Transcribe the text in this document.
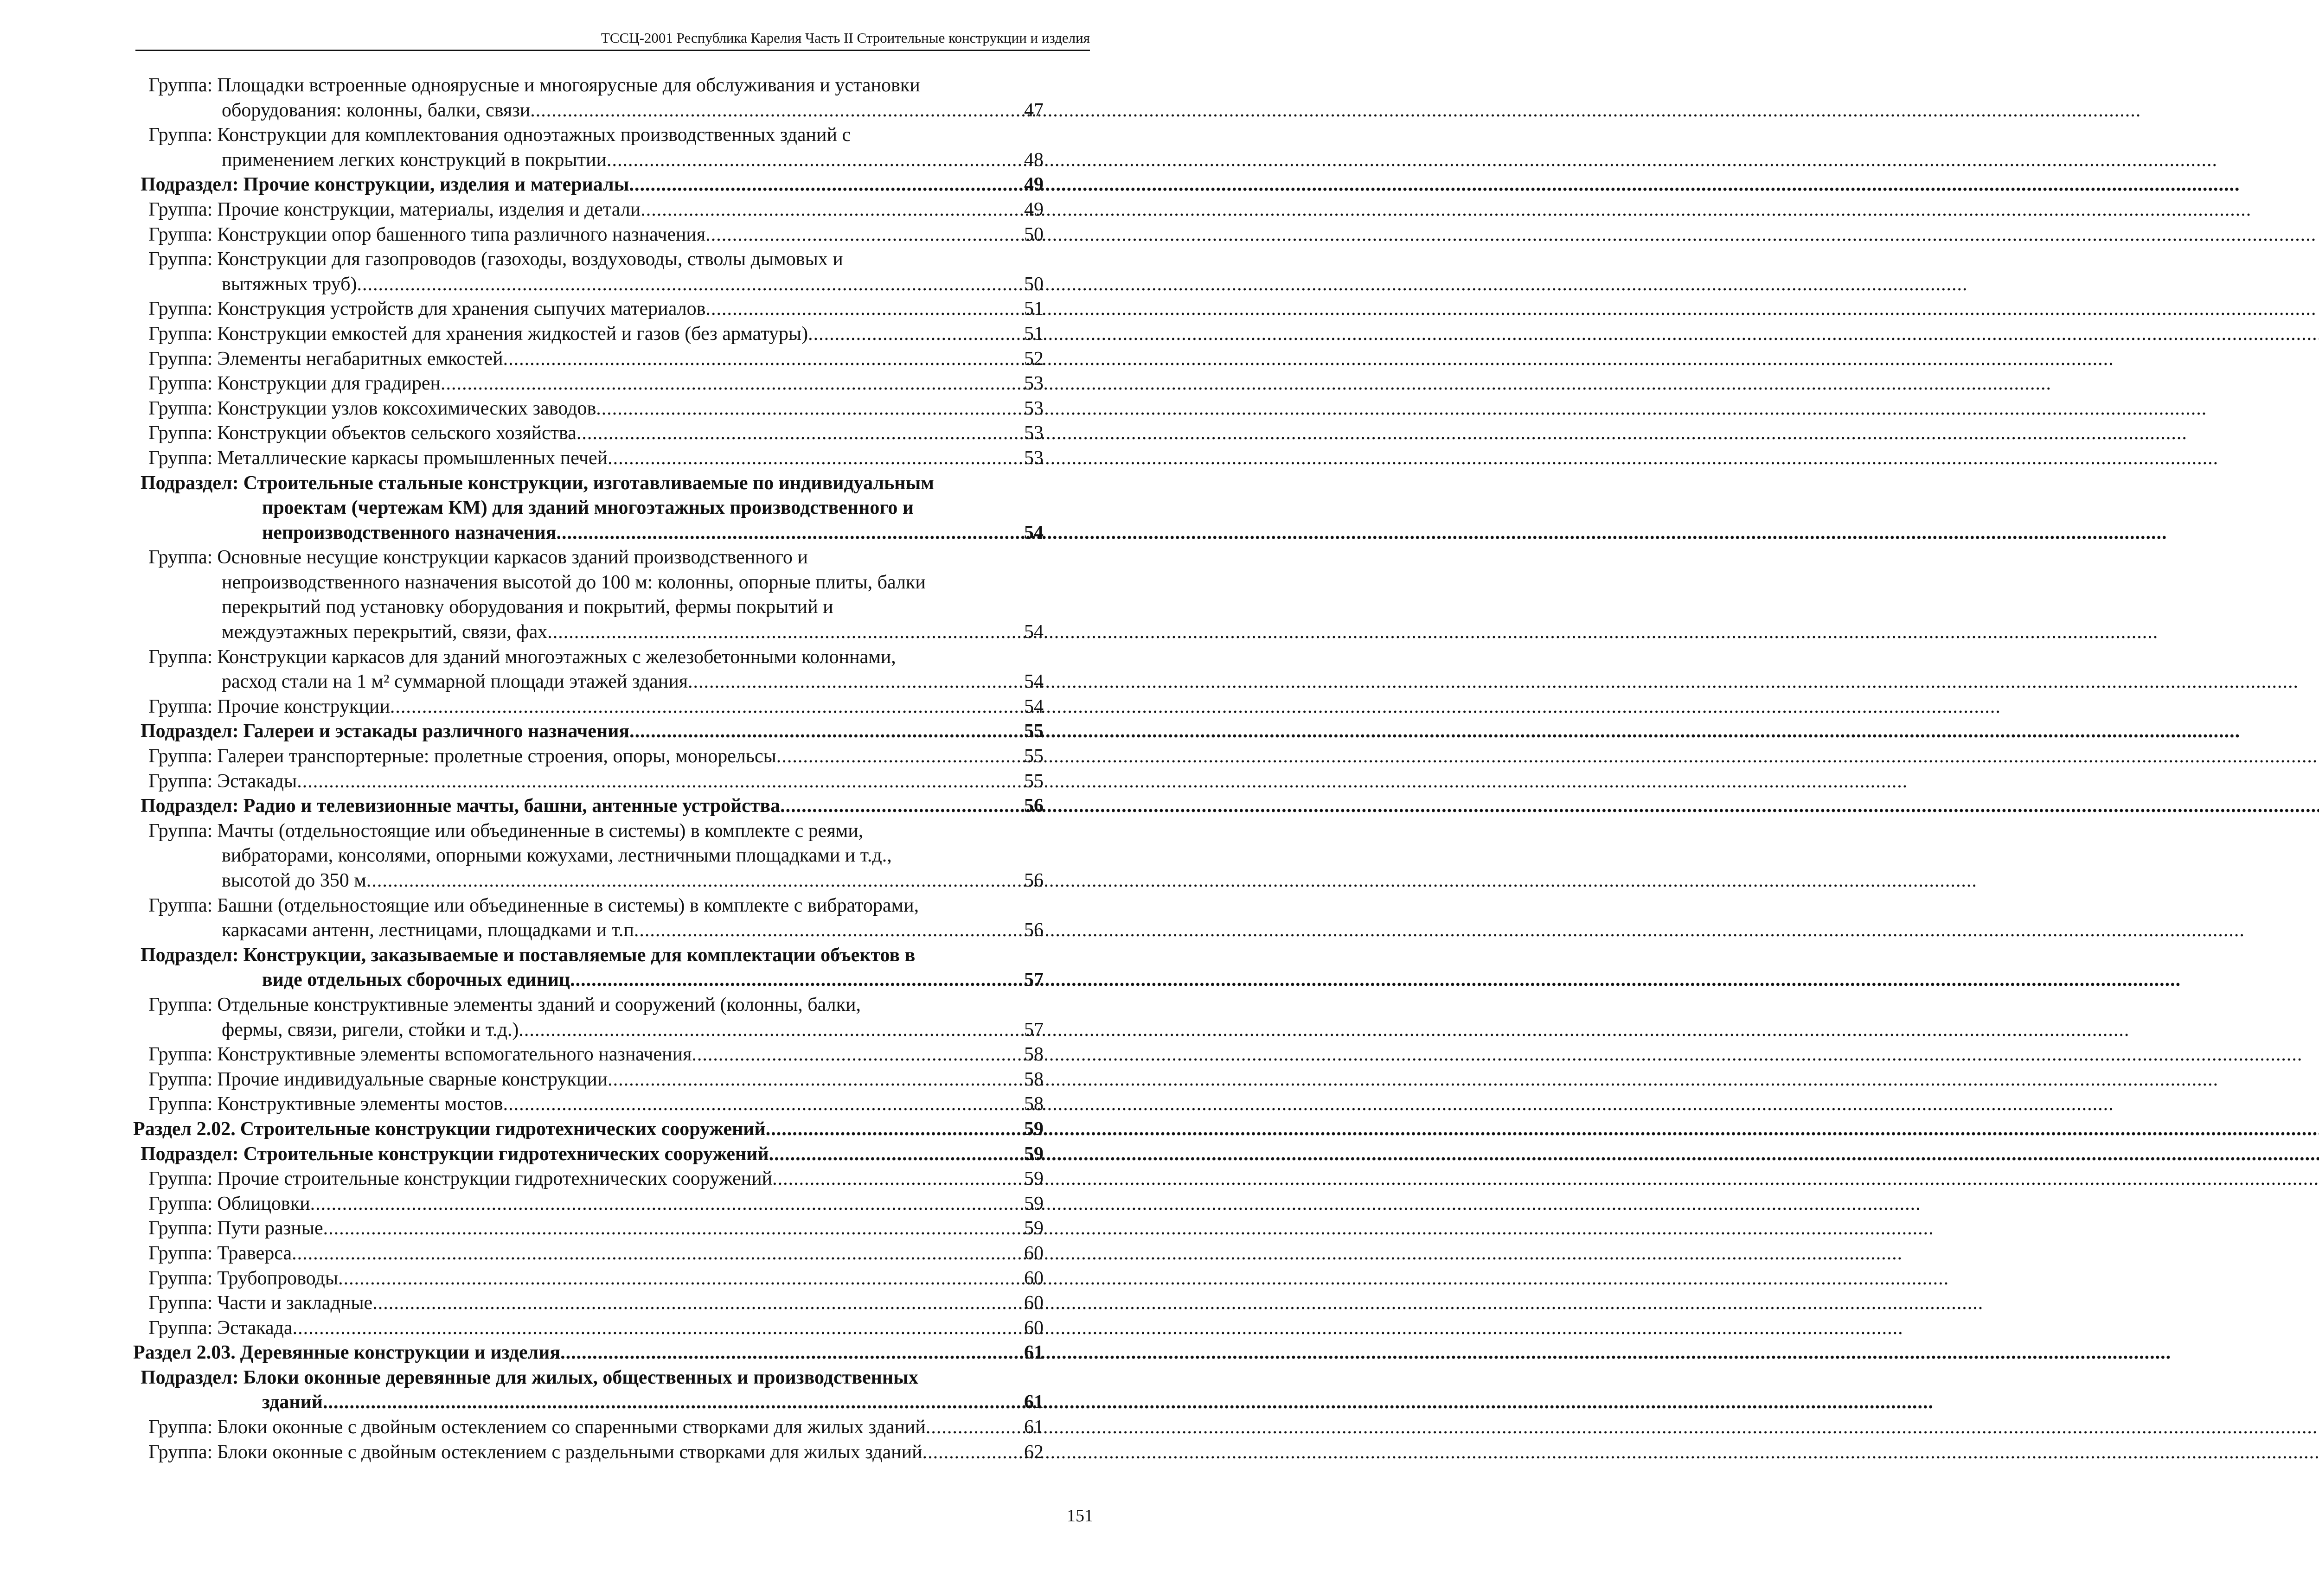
ТССЦ-2001 Республика Карелия Часть II Строительные конструкции и изделия
Группа: Площадки встроенные одноярусные и многоярусные для обслуживания и установки
оборудования: колонны, балки, связи .....	47
Группа: Конструкции для комплектования одноэтажных производственных зданий с
применением легких конструкций в покрытии .....	48
Подраздел: Прочие конструкции, изделия и материалы .....	49
Группа: Прочие конструкции, материалы, изделия и детали .....	49
Группа: Конструкции опор башенного типа различного назначения .....	50
Группа: Конструкции для газопроводов (газоходы, воздуховоды, стволы дымовых и
вытяжных труб) .....	50
Группа: Конструкция устройств для хранения сыпучих материалов .....	51
Группа: Конструкции емкостей для хранения жидкостей и газов (без арматуры) .....	51
Группа: Элементы негабаритных емкостей .....	52
Группа: Конструкции для градирен .....	53
Группа: Конструкции узлов коксохимических заводов .....	53
Группа: Конструкции объектов сельского хозяйства .....	53
Группа: Металлические каркасы промышленных печей .....	53
Подраздел: Строительные стальные конструкции, изготавливаемые по индивидуальным
проектам (чертежам КМ) для зданий многоэтажных производственного и
непроизводственного назначения .....	54
Группа: Основные несущие конструкции каркасов зданий производственного и
непроизводственного назначения высотой до 100 м: колонны, опорные плиты, балки
перекрытий под установку оборудования и покрытий, фермы покрытий и
междуэтажных перекрытий, связи, фах .....	54
Группа: Конструкции каркасов для зданий многоэтажных с железобетонными колоннами,
расход стали на 1 м² суммарной площади этажей здания .....	54
Группа: Прочие конструкции .....	54
Подраздел: Галереи и эстакады различного назначения .....	55
Группа: Галереи транспортерные: пролетные строения, опоры, монорельсы .....	55
Группа: Эстакады .....	55
Подраздел: Радио и телевизионные мачты, башни, антенные устройства .....	56
Группа: Мачты (отдельностоящие или объединенные в системы) в комплекте с реями,
вибраторами, консолями, опорными кожухами, лестничными площадками и т.д.,
высотой до 350 м .....	56
Группа: Башни (отдельностоящие или объединенные в системы) в комплекте с вибраторами,
каркасами антенн, лестницами, площадками и т.п .....	56
Подраздел: Конструкции, заказываемые и поставляемые для комплектации объектов в
виде отдельных сборочных единиц .....	57
Группа: Отдельные конструктивные элементы зданий и сооружений (колонны, балки,
фермы, связи, ригели, стойки и т.д.) .....	57
Группа: Конструктивные элементы вспомогательного назначения .....	58
Группа: Прочие индивидуальные сварные конструкции .....	58
Группа: Конструктивные элементы мостов .....	58
Раздел 2.02. Строительные конструкции гидротехнических сооружений .....	59
Подраздел: Строительные конструкции гидротехнических сооружений .....	59
Группа: Прочие строительные конструкции гидротехнических сооружений .....	59
Группа: Облицовки .....	59
Группа: Пути разные .....	59
Группа: Траверса .....	60
Группа: Трубопроводы .....	60
Группа: Части и закладные .....	60
Группа: Эстакада .....	60
Раздел 2.03. Деревянные конструкции и изделия .....	61
Подраздел: Блоки оконные деревянные для жилых, общественных и производственных
зданий .....	61
Группа: Блоки оконные с двойным остеклением со спаренными створками для жилых зданий .....	61
Группа: Блоки оконные с двойным остеклением с раздельными створками для жилых зданий .....	62
151
